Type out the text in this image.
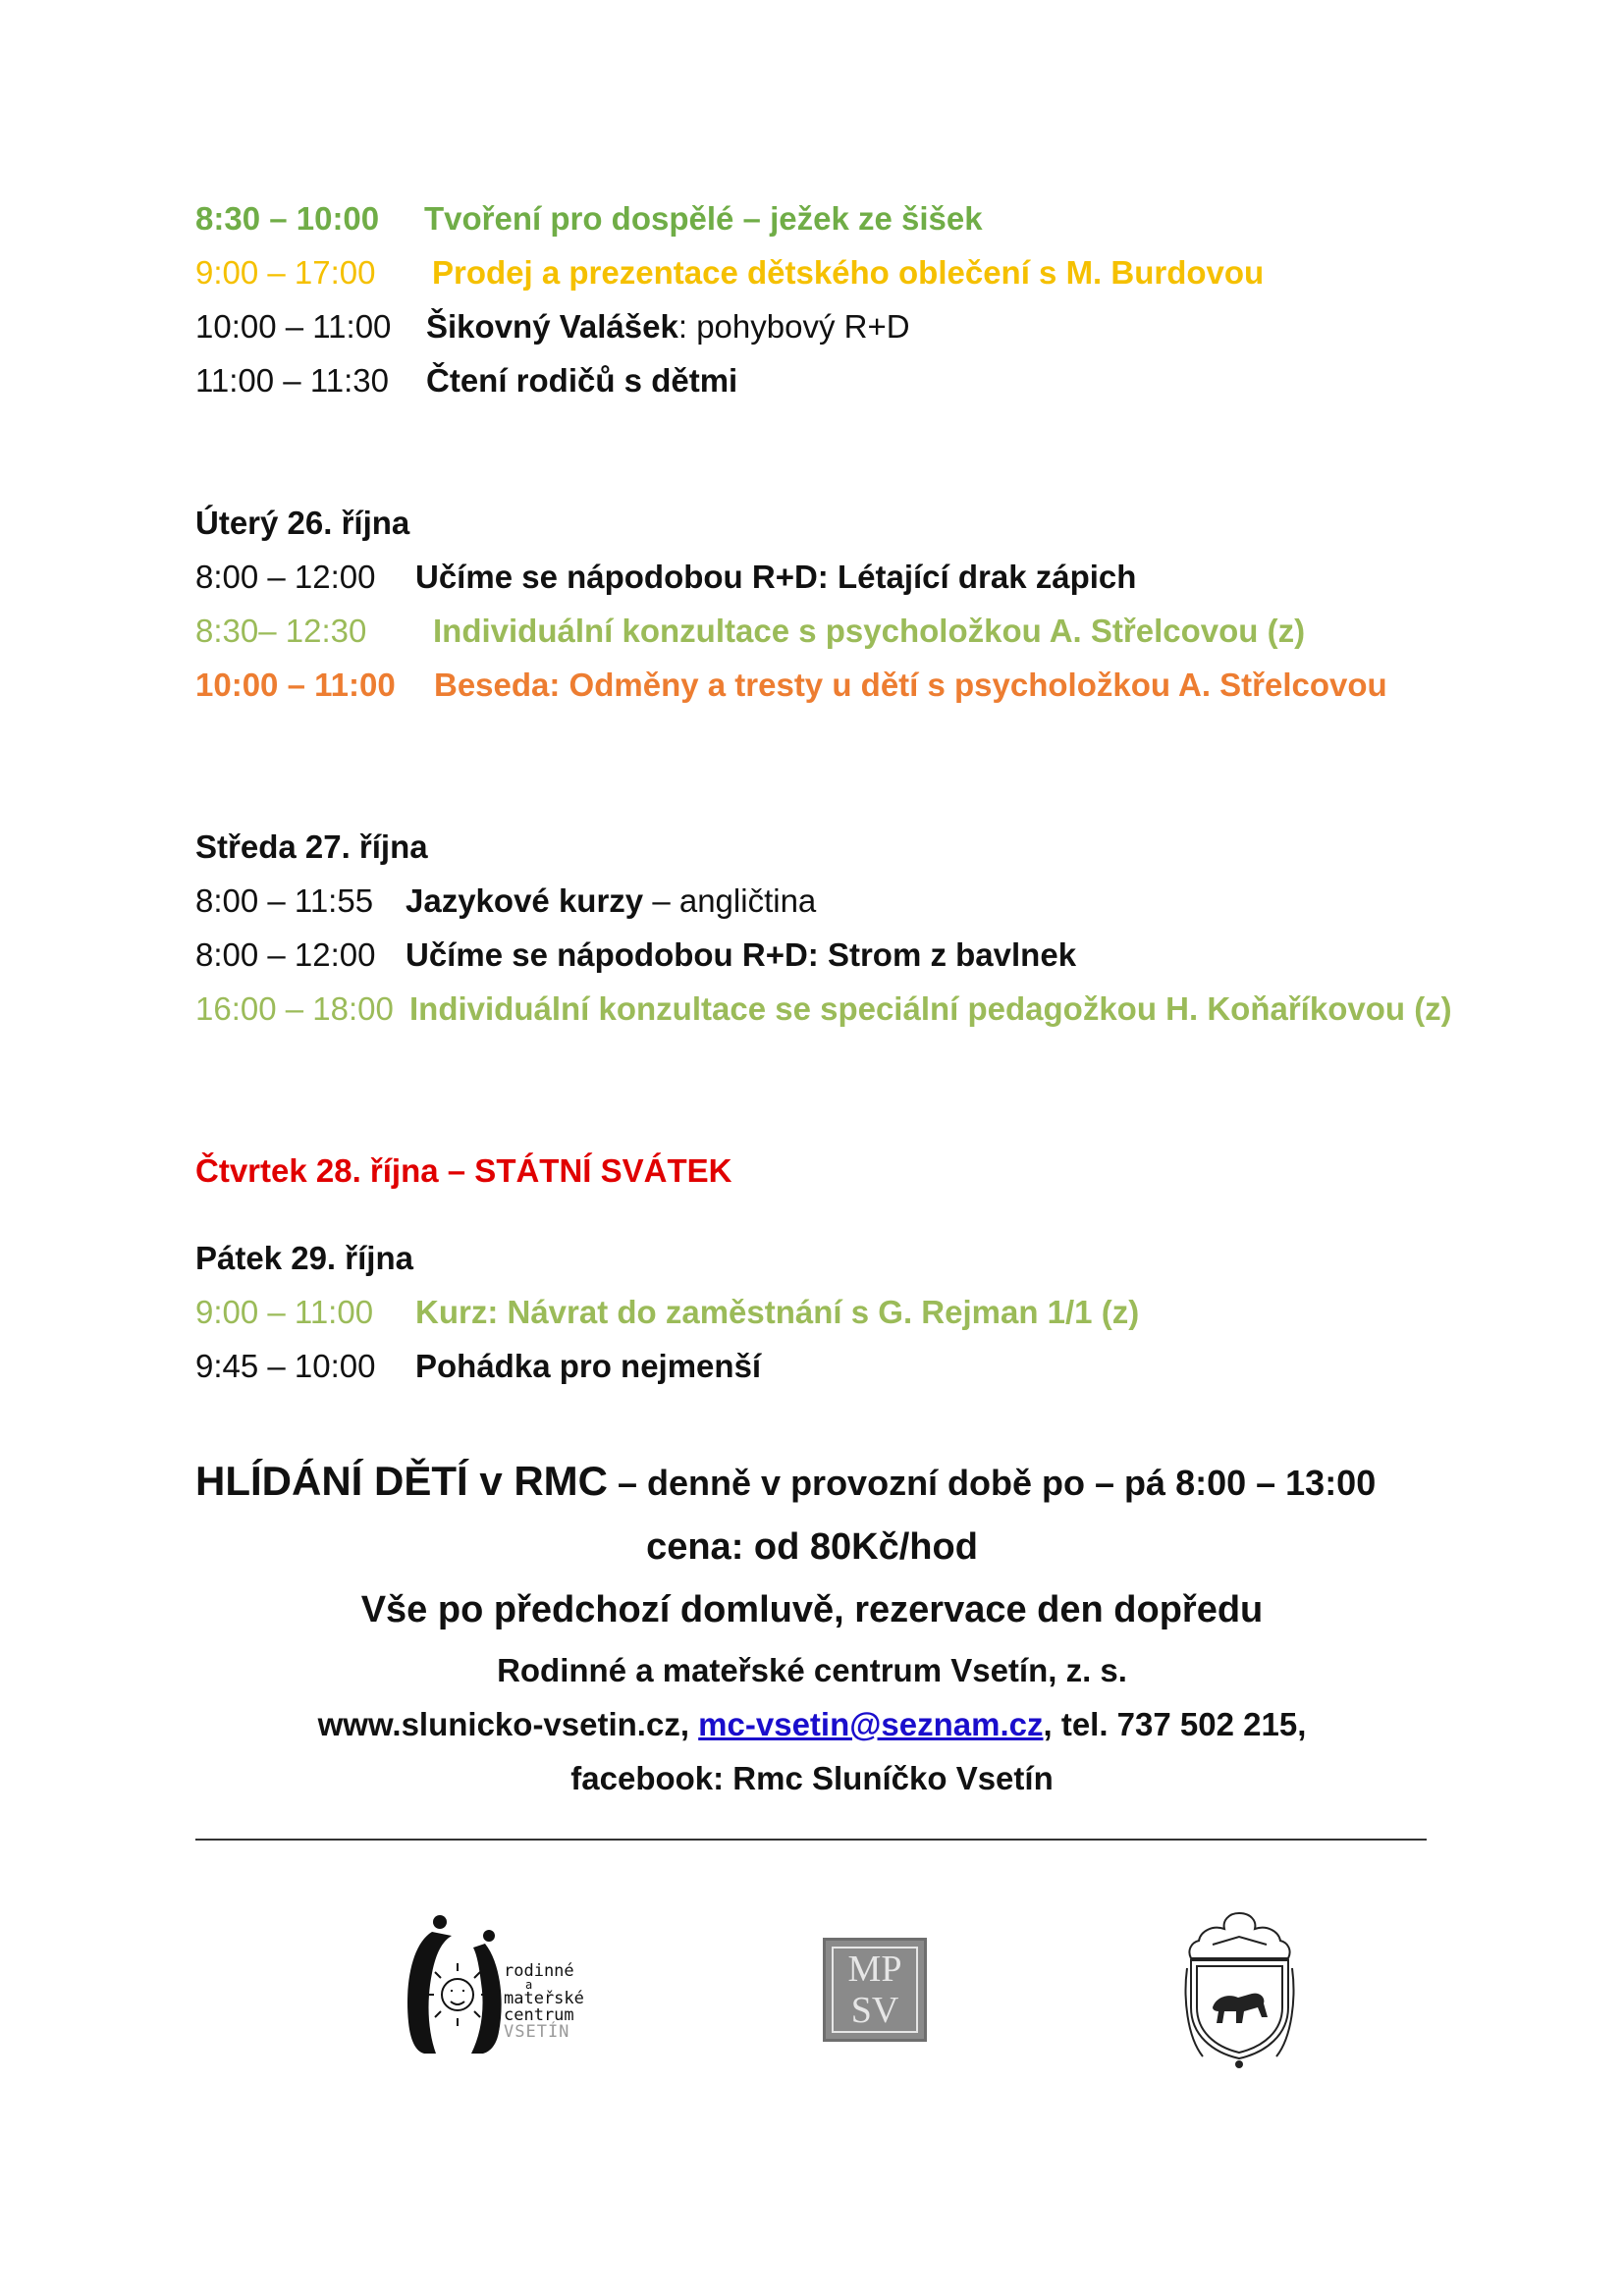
8:30 – 10:00 Tvoření pro dospělé – ježek ze šišek
9:00 – 17:00 Prodej a prezentace dětského oblečení s M. Burdovou
10:00 – 11:00 Šikovný Valášek: pohybový R+D
11:00 – 11:30 Čtení rodičů s dětmi
Úterý 26. října
8:00 – 12:00 Učíme se nápodobou R+D: Létající drak zápich
8:30– 12:30 Individuální konzultace s psycholožkou A. Střelcovou (z)
10:00 – 11:00 Beseda: Odměny a tresty u dětí s psycholožkou A. Střelcovou
Středa 27. října
8:00 – 11:55 Jazykové kurzy – angličtina
8:00 – 12:00 Učíme se nápodobou R+D: Strom z bavlnek
16:00 – 18:00 Individuální konzultace se speciální pedagožkou H. Koňaříkovou (z)
Čtvrtek 28. října – STÁTNÍ SVÁTEK
Pátek 29. října
9:00 – 11:00 Kurz: Návrat do zaměstnání s G. Rejman 1/1 (z)
9:45 – 10:00 Pohádka pro nejmenší
HLÍDÁNÍ DĚTÍ v RMC – denně v provozní době po – pá 8:00 – 13:00
cena: od 80Kč/hod
Vše po předchozí domluvě, rezervace den dopředu
Rodinné a mateřské centrum Vsetín, z. s.
www.slunicko-vsetin.cz, mc-vsetin@seznam.cz, tel. 737 502 215,
facebook: Rmc Sluníčko Vsetín
rodinné
a
mateřské
centrum
VSETÍN
MP
SV
